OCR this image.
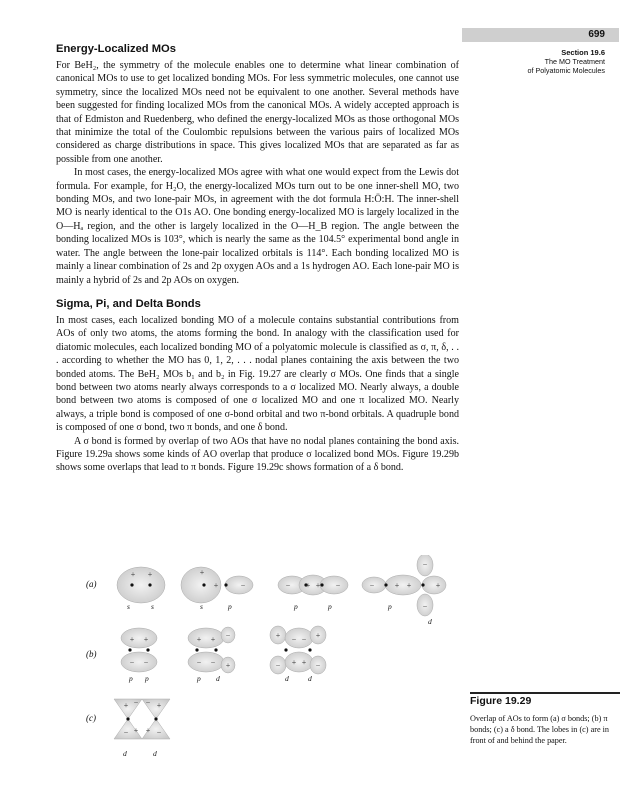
699
Section 19.6
The MO Treatment
of Polyatomic Molecules
Energy-Localized MOs

For BeH₂, the symmetry of the molecule enables one to determine what linear combination of canonical MOs to use to get localized bonding MOs. For less symmetric molecules, one cannot use symmetry, since the localized MOs need not be equivalent to one another. Several methods have been suggested for finding localized MOs from the canonical MOs. A widely accepted approach is that of Edmiston and Ruedenberg, who defined the energy-localized MOs as those orthogonal MOs that minimize the total of the Coulombic repulsions between the various pairs of localized MOs considered as charge distributions in space. This gives localized MOs that are separated as far as possible from one another.

In most cases, the energy-localized MOs agree with what one would expect from the Lewis dot formula. For example, for H₂O, the energy-localized MOs turn out to be one inner-shell MO, two bonding MOs, and two lone-pair MOs, in agreement with the dot formula H:Ö:H. The inner-shell MO is nearly identical to the O1s AO. One bonding energy-localized MO is largely localized in the O—Hₐ region, and the other is largely localized in the O—H_B region. The angle between the bonding localized MOs is 103°, which is nearly the same as the 104.5° experimental bond angle in water. The angle between the lone-pair localized orbitals is 114°. Each bonding localized MO is mainly a linear combination of 2s and 2p oxygen AOs and a 1s hydrogen AO. Each lone-pair MO is mainly a hybrid of 2s and 2p AOs on oxygen.

Sigma, Pi, and Delta Bonds

In most cases, each localized bonding MO of a molecule contains substantial contributions from AOs of only two atoms, the atoms forming the bond. In analogy with the classification used for diatomic molecules, each localized bonding MO of a polyatomic molecule is classified as σ, π, δ, . . . according to whether the MO has 0, 1, 2, . . . nodal planes containing the axis between the two bonded atoms. The BeH₂ MOs b₁ and b₂ in Fig. 19.27 are clearly σ MOs. One finds that a single bond between two atoms nearly always corresponds to a σ localized MO. Nearly always, a double bond between two atoms is composed of one σ localized MO and one π localized MO. Nearly always, a triple bond is composed of one σ-bond orbital and two π-bond orbitals. A quadruple bond is composed of one σ bond, two π bonds, and one δ bond.

A σ bond is formed by overlap of two AOs that have no nodal planes containing the bond axis. Figure 19.29a shows some kinds of AO overlap that produce σ localized bond MOs. Figure 19.29b shows some overlaps that lead to π bonds. Figure 19.29c shows formation of a δ bond.

(a)
(b)
(c)
+ +	+
+	−	− + + −	−	+ +	+
−
−
+ +
− −
+ +
− −
−
+
+ − − +
− + + −
+ − − +
− + + −
s	s	s	p	p	p	p
d
p p	p d	d	d
d	d
Figure 19.29
Overlap of AOs to form (a) σ bonds; (b) π bonds; (c) a δ bond. The lobes in (c) are in front of and behind the paper.
